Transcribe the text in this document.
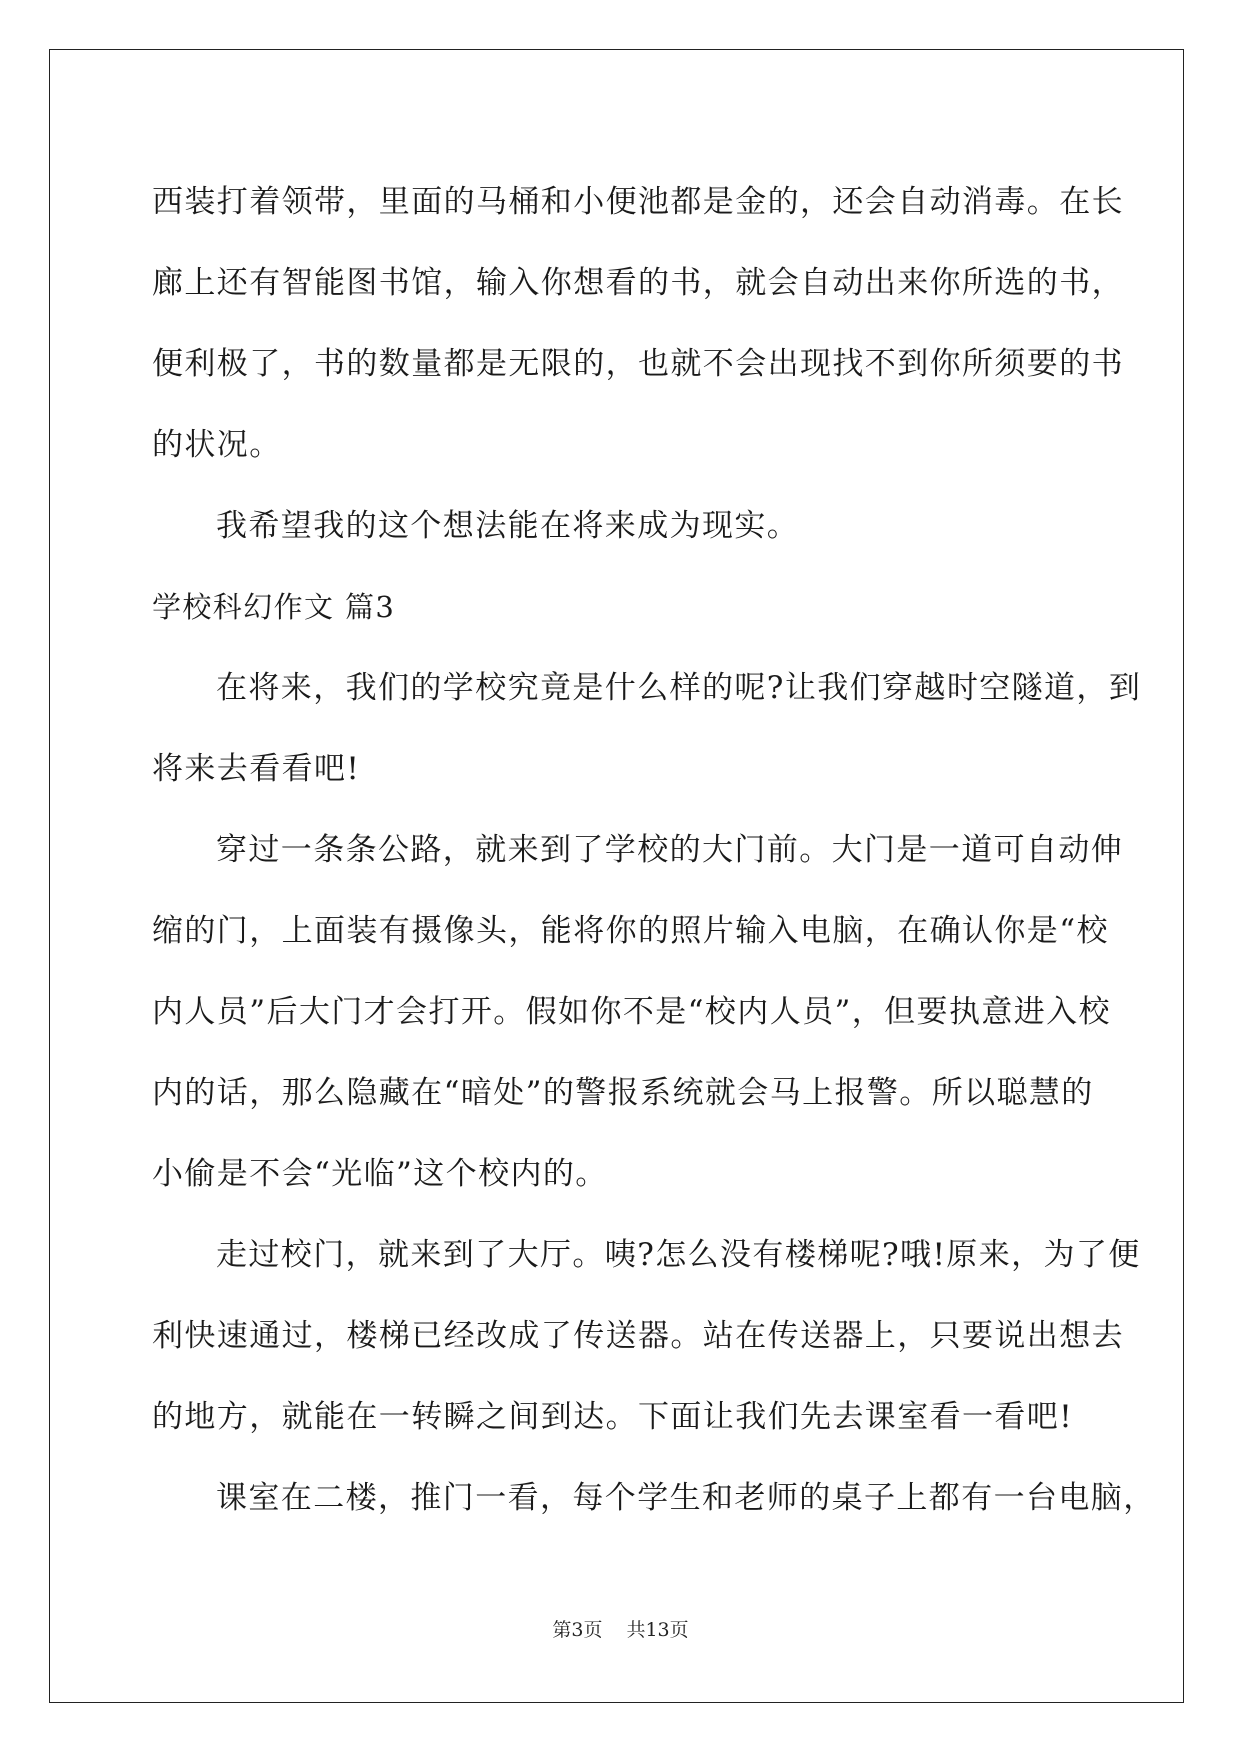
西装打着领带，里面的马桶和小便池都是金的，还会自动消毒。在长
廊上还有智能图书馆，输入你想看的书，就会自动出来你所选的书，
便利极了，书的数量都是无限的，也就不会出现找不到你所须要的书
的状况。
我希望我的这个想法能在将来成为现实。
学校科幻作文 篇3
在将来，我们的学校究竟是什么样的呢?让我们穿越时空隧道，到
将来去看看吧!
穿过一条条公路，就来到了学校的大门前。大门是一道可自动伸
缩的门，上面装有摄像头，能将你的照片输入电脑，在确认你是“校
内人员”后大门才会打开。假如你不是“校内人员”，但要执意进入校
内的话，那么隐藏在“暗处”的警报系统就会马上报警。所以聪慧的
小偷是不会“光临”这个校内的。
走过校门，就来到了大厅。咦?怎么没有楼梯呢?哦!原来，为了便
利快速通过，楼梯已经改成了传送器。站在传送器上，只要说出想去
的地方，就能在一转瞬之间到达。下面让我们先去课室看一看吧!
课室在二楼，推门一看，每个学生和老师的桌子上都有一台电脑，
第3页 共13页
